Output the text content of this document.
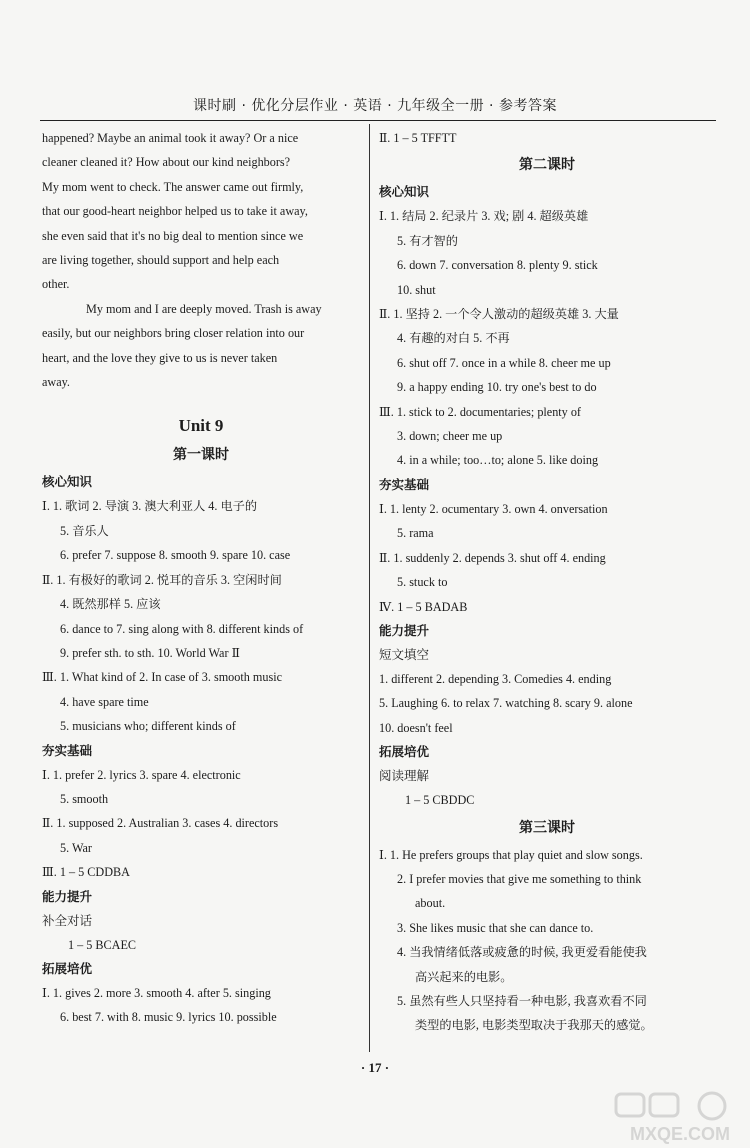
课时刷 · 优化分层作业 · 英语 · 九年级全一册 · 参考答案
happened? Maybe an animal took it away? Or a nice
cleaner cleaned it? How about our kind neighbors?
My mom went to check. The answer came out firmly,
that our good-heart neighbor helped us to take it away,
she even said that it's no big deal to mention since we
are living together, should support and help each
other.
My mom and I are deeply moved. Trash is away
easily, but our neighbors bring closer relation into our
heart, and the love they give to us is never taken
away.
Unit 9
第一课时
核心知识
Ⅰ. 1. 歌词 2. 导演 3. 澳大利亚人 4. 电子的
5. 音乐人
6. prefer 7. suppose 8. smooth 9. spare 10. case
Ⅱ. 1. 有极好的歌词 2. 悦耳的音乐 3. 空闲时间
4. 既然那样 5. 应该
6. dance to 7. sing along with 8. different kinds of
9. prefer sth. to sth. 10. World War Ⅱ
Ⅲ. 1. What kind of 2. In case of 3. smooth music
4. have spare time
5. musicians who; different kinds of
夯实基础
Ⅰ. 1. prefer 2. lyrics 3. spare 4. electronic
5. smooth
Ⅱ. 1. supposed 2. Australian 3. cases 4. directors
5. War
Ⅲ. 1 – 5 CDDBA
能力提升
补全对话
1 – 5 BCAEC
拓展培优
Ⅰ. 1. gives 2. more 3. smooth 4. after 5. singing
6. best 7. with 8. music 9. lyrics 10. possible
Ⅱ. 1 – 5 TFFTT
第二课时
核心知识
Ⅰ. 1. 结局 2. 纪录片 3. 戏; 剧 4. 超级英雄
5. 有才智的
6. down 7. conversation 8. plenty 9. stick
10. shut
Ⅱ. 1. 坚持 2. 一个令人激动的超级英雄 3. 大量
4. 有趣的对白 5. 不再
6. shut off 7. once in a while 8. cheer me up
9. a happy ending 10. try one's best to do
Ⅲ. 1. stick to 2. documentaries; plenty of
3. down; cheer me up
4. in a while; too…to; alone 5. like doing
夯实基础
Ⅰ. 1. lenty 2. ocumentary 3. own 4. onversation
5. rama
Ⅱ. 1. suddenly 2. depends 3. shut off 4. ending
5. stuck to
Ⅳ. 1 – 5 BADAB
能力提升
短文填空
1. different 2. depending 3. Comedies 4. ending
5. Laughing 6. to relax 7. watching 8. scary 9. alone
10. doesn't feel
拓展培优
阅读理解
1 – 5 CBDDC
第三课时
Ⅰ. 1. He prefers groups that play quiet and slow songs.
2. I prefer movies that give me something to think
about.
3. She likes music that she can dance to.
4. 当我情绪低落或疲惫的时候, 我更爱看能使我
高兴起来的电影。
5. 虽然有些人只坚持看一种电影, 我喜欢看不同
类型的电影, 电影类型取决于我那天的感觉。
· 17 ·
MXQE.COM
